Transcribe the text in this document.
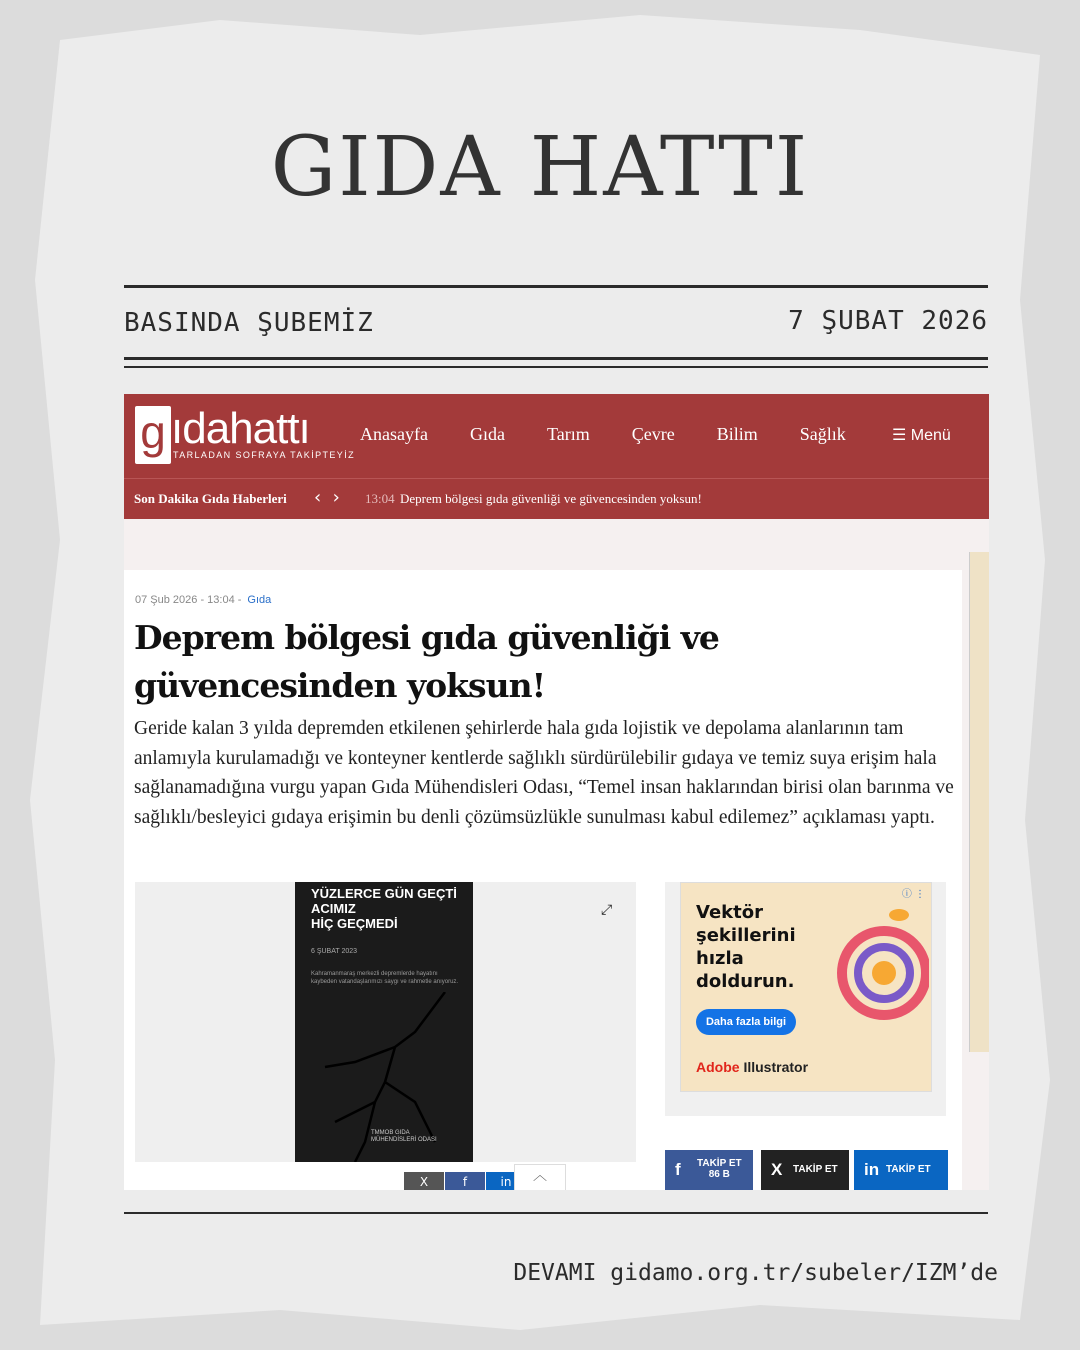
GIDA HATTI
BASINDA ŞUBEMİZ	7 ŞUBAT 2026
g ıdahattı
TARLADAN SOFRAYA TAKİPTEYİZ
Anasayfa Gıda Tarım Çevre Bilim Sağlık	☰ Menü
Son Dakika Gıda Haberleri ‹ › 13:04 Deprem bölgesi gıda güvenliği ve güvencesinden yoksun!
07 Şub 2026 - 13:04 - Gıda
Deprem bölgesi gıda güvenliği ve güvencesinden yoksun!

Geride kalan 3 yılda depremden etkilenen şehirlerde hala gıda lojistik ve depolama alanlarının tam anlamıyla kurulamadığı ve konteyner kentlerde sağlıklı sürdürülebilir gıdaya ve temiz suya erişim hala sağlanamadığına vurgu yapan Gıda Mühendisleri Odası, “Temel insan haklarından birisi olan barınma ve sağlıklı/besleyici gıdaya erişimin bu denli çözümsüzlükle sunulması kabul edilemez” açıklaması yaptı.

YÜZLERCE GÜN GEÇTİ
ACIMIZ
HİÇ GEÇMEDİ
6 ŞUBAT 2023
Kahramanmaraş merkezli depremlerde hayatını kaybeden vatandaşlarımızı saygı ve rahmetle anıyoruz.
TMMOB GIDA MÜHENDİSLERİ ODASI
⤢
X	f	in
ⓘ ⋮
Vektör
şekillerini
hızla
doldurun.
Daha fazla bilgi
Adobe Illustrator
f TAKİP ET
86 B	X TAKİP ET in TAKİP ET
︿
DEVAMI gidamo.org.tr/subeler/IZM’de
